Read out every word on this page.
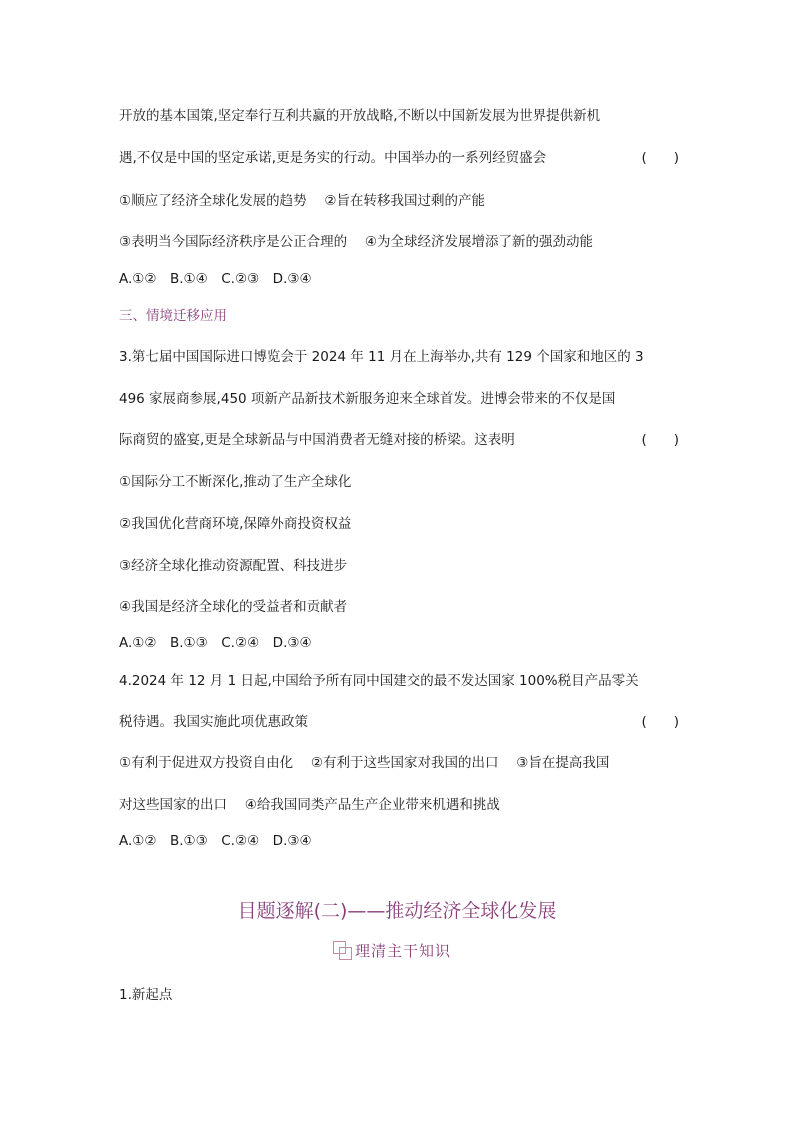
开放的基本国策,坚定奉行互利共赢的开放战略,不断以中国新发展为世界提供新机
遇,不仅是中国的坚定承诺,更是务实的行动。中国举办的一系列经贸盛会	(　　)
①顺应了经济全球化发展的趋势　 ②旨在转移我国过剩的产能
③表明当今国际经济秩序是公正合理的　 ④为全球经济发展增添了新的强劲动能
A.①②　B.①④　C.②③　D.③④
三、情境迁移应用
3.第七届中国国际进口博览会于 2024 年 11 月在上海举办,共有 129 个国家和地区的 3
496 家展商参展,450 项新产品新技术新服务迎来全球首发。进博会带来的不仅是国
际商贸的盛宴,更是全球新品与中国消费者无缝对接的桥梁。这表明	(　　)
①国际分工不断深化,推动了生产全球化
②我国优化营商环境,保障外商投资权益
③经济全球化推动资源配置、科技进步
④我国是经济全球化的受益者和贡献者
A.①②　B.①③　C.②④　D.③④
4.2024 年 12 月 1 日起,中国给予所有同中国建交的最不发达国家 100%税目产品零关
税待遇。我国实施此项优惠政策	(　　)
①有利于促进双方投资自由化　 ②有利于这些国家对我国的出口　 ③旨在提高我国
对这些国家的出口　 ④给我国同类产品生产企业带来机遇和挑战
A.①②　B.①③　C.②④　D.③④
目题逐解(二)——推动经济全球化发展
理清主干知识
1.新起点
